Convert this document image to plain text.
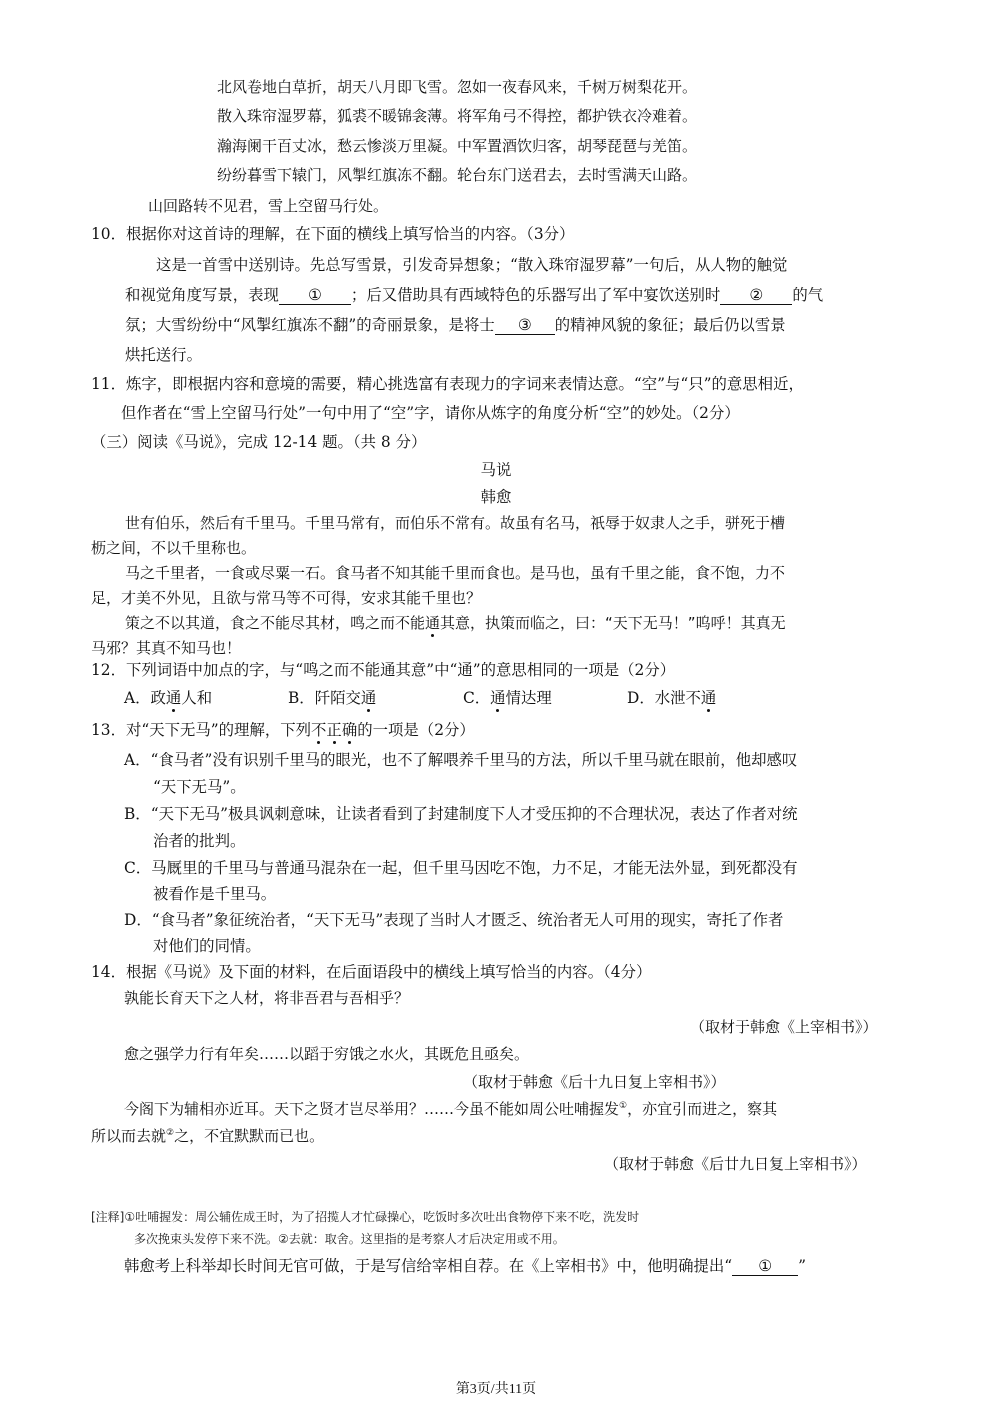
北风卷地白草折，胡天八月即飞雪。忽如一夜春风来，千树万树梨花开。
散入珠帘湿罗幕，狐裘不暖锦衾薄。将军角弓不得控，都护铁衣冷难着。
瀚海阑干百丈冰，愁云惨淡万里凝。中军置酒饮归客，胡琴琵琶与羌笛。
纷纷暮雪下辕门，风掣红旗冻不翻。轮台东门送君去，去时雪满天山路。
山回路转不见君，雪上空留马行处。
10．根据你对这首诗的理解，在下面的横线上填写恰当的内容。（3分）
这是一首雪中送别诗。先总写雪景，引发奇异想象；“散入珠帘湿罗幕”一句后，从人物的触觉
和视觉角度写景，表现 ① ；后又借助具有西域特色的乐器写出了军中宴饮送别时 ② 的气
氛；大雪纷纷中“风掣红旗冻不翻”的奇丽景象，是将士 ③ 的精神风貌的象征；最后仍以雪景
烘托送行。
11．炼字，即根据内容和意境的需要，精心挑选富有表现力的字词来表情达意。“空”与“只”的意思相近，
但作者在“雪上空留马行处”一句中用了“空”字，请你从炼字的角度分析“空”的妙处。（2分）
（三）阅读《马说》，完成 12-14 题。（共 8 分）
马说
韩愈
世有伯乐，然后有千里马。千里马常有，而伯乐不常有。故虽有名马，祇辱于奴隶人之手，骈死于槽
枥之间，不以千里称也。
马之千里者，一食或尽粟一石。食马者不知其能千里而食也。是马也，虽有千里之能，食不饱，力不
足，才美不外见，且欲与常马等不可得，安求其能千里也？
策之不以其道，食之不能尽其材，鸣之而不能通其意，执策而临之，曰：“天下无马！”呜呼！其真无
马邪？其真不知马也！
12．下列词语中加点的字，与“鸣之而不能通其意”中“通”的意思相同的一项是（2分）
A．政通人和	B．阡陌交通	C．通情达理	D．水泄不通
13．对“天下无马”的理解，下列不正确的一项是（2分）
A．“食马者”没有识别千里马的眼光，也不了解喂养千里马的方法，所以千里马就在眼前，他却感叹
“天下无马”。
B．“天下无马”极具讽刺意味，让读者看到了封建制度下人才受压抑的不合理状况，表达了作者对统
治者的批判。
C．马厩里的千里马与普通马混杂在一起，但千里马因吃不饱，力不足，才能无法外显，到死都没有
被看作是千里马。
D．“食马者”象征统治者，“天下无马”表现了当时人才匮乏、统治者无人可用的现实，寄托了作者
对他们的同情。
14．根据《马说》及下面的材料，在后面语段中的横线上填写恰当的内容。（4分）
孰能长育天下之人材，将非吾君与吾相乎？
（取材于韩愈《上宰相书》）
愈之强学力行有年矣……以蹈于穷饿之水火，其既危且亟矣。
（取材于韩愈《后十九日复上宰相书》）
今阁下为辅相亦近耳。天下之贤才岂尽举用？……今虽不能如周公吐哺握发①，亦宜引而进之，察其
所以而去就②之，不宜默默而已也。
（取材于韩愈《后廿九日复上宰相书》）
[注释]①吐哺握发：周公辅佐成王时，为了招揽人才忙碌操心，吃饭时多次吐出食物停下来不吃，洗发时
多次挽束头发停下来不洗。②去就：取舍。这里指的是考察人才后决定用或不用。
韩愈考上科举却长时间无官可做，于是写信给宰相自荐。在《上宰相书》中，他明确提出“ ① ”
第3页/共11页
